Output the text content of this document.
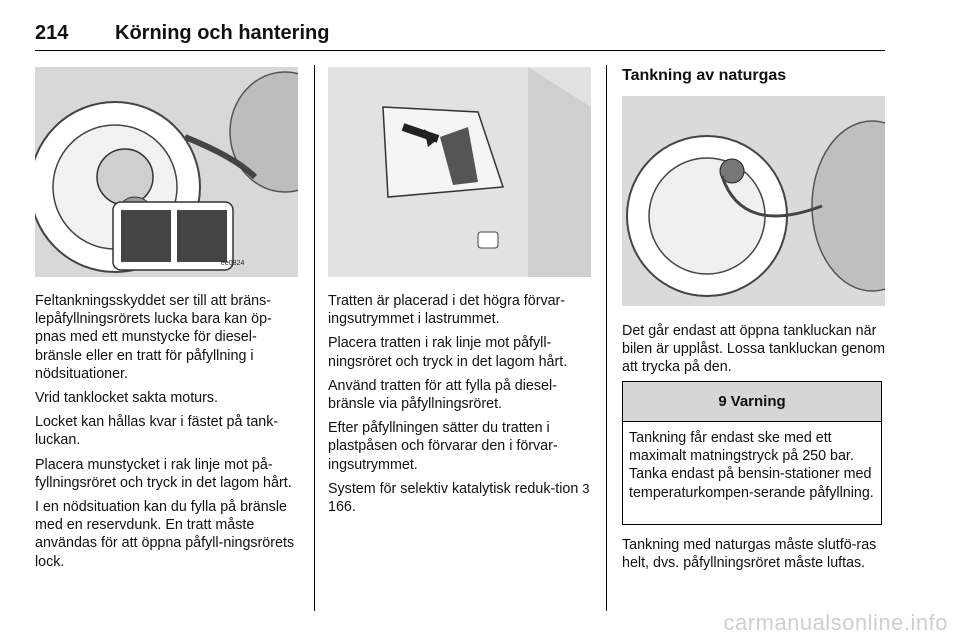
214 Körning och hantering
ee0824

Feltankningsskyddet ser till att bräns-lepåfyllningsrörets lucka bara kan öp-pnas med ett munstycke för diesel-bränsle eller en tratt för påfyllning i nödsituationer.

Vrid tanklocket sakta moturs.

Locket kan hållas kvar i fästet på tank-luckan.

Placera munstycket i rak linje mot på-fyllningsröret och tryck in det lagom hårt.

I en nödsituation kan du fylla på bränsle med en reservdunk. En tratt måste användas för att öppna påfyll-ningsrörets lock.

Tratten är placerad i det högra förvar-ingsutrymmet i lastrummet.

Placera tratten i rak linje mot påfyll-ningsröret och tryck in det lagom hårt.

Använd tratten för att fylla på diesel-bränsle via påfyllningsröret.

Efter påfyllningen sätter du tratten i plastpåsen och förvarar den i förvar-ingsutrymmet.

System för selektiv katalytisk reduk-tion 3 166.

Tankning av naturgas

Det går endast att öppna tankluckan när bilen är upplåst. Lossa tankluckan genom att trycka på den.

9 Varning
Tankning får endast ske med ett maximalt matningstryck på 250 bar. Tanka endast på bensin-stationer med temperaturkompen-serande påfyllning.

Tankning med naturgas måste slutfö-ras helt, dvs. påfyllningsröret måste luftas.

carmanualsonline.info
